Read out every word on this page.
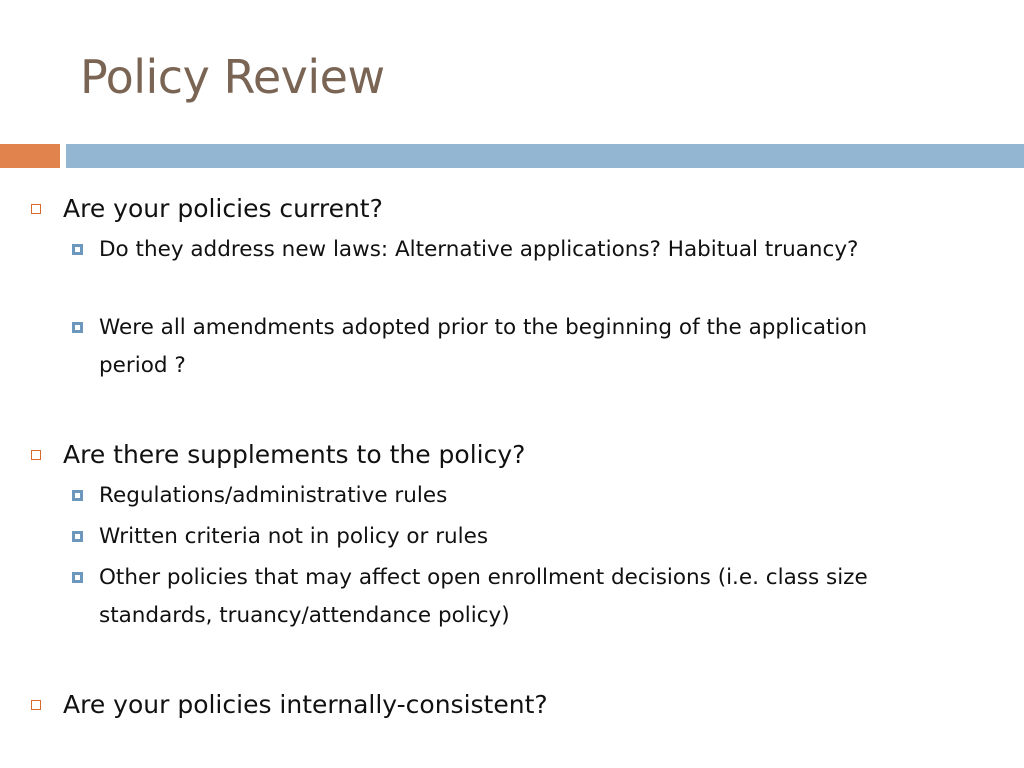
Policy Review
Are your policies current?
Do they address new laws: Alternative applications? Habitual truancy?
Were all amendments adopted prior to the beginning of the application period ?
Are there supplements to the policy?
Regulations/administrative rules
Written criteria not in policy or rules
Other policies that may affect open enrollment decisions (i.e. class size standards, truancy/attendance policy)
Are your policies internally-consistent?
